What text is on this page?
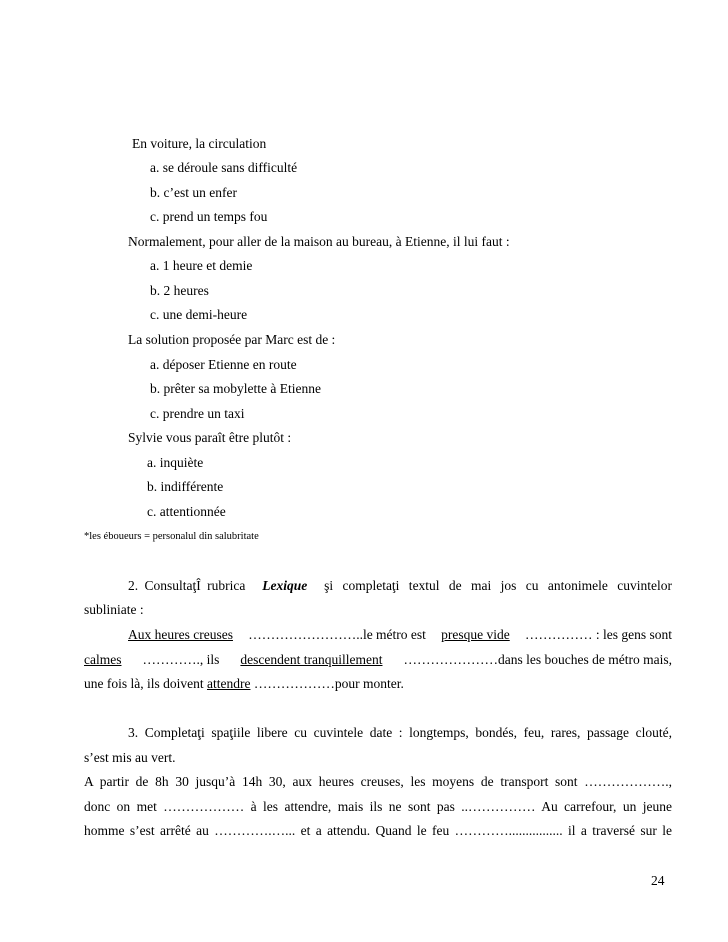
En voiture, la circulation
a. se déroule sans difficulté
b. c’est un enfer
c. prend un temps fou
Normalement, pour aller de la maison au bureau, à Etienne, il lui faut :
a. 1 heure et demie
b. 2 heures
c. une demi-heure
La solution proposée par Marc est de :
a. déposer Etienne en route
b. prêter sa mobylette à Etienne
c. prendre un taxi
Sylvie vous paraît être plutôt :
a. inquiète
b. indifférente
c. attentionnée
*les éboueurs = personalul din salubritate
2. ConsultaţÎ rubrica Lexique şi completaţi textul de mai jos cu antonimele cuvintelor
subliniate :
Aux heures creuses ……………………..le métro est presque vide …………… : les gens sont
calmes …………., ils descendent tranquillement …………………dans les bouches de métro mais,
une fois là, ils doivent attendre ………………pour monter.
3. Completaţi spaţiile libere cu cuvintele date : longtemps, bondés, feu, rares, passage clouté,
s’est mis au vert.
A partir de 8h 30 jusqu’à 14h 30, aux heures creuses, les moyens de transport sont ……………….,
donc on met ……………… à les attendre, mais ils ne sont pas ..…………… Au carrefour, un jeune
homme s’est arrêté au ………….…... et a attendu. Quand le feu …………................ il a traversé sur le
24
